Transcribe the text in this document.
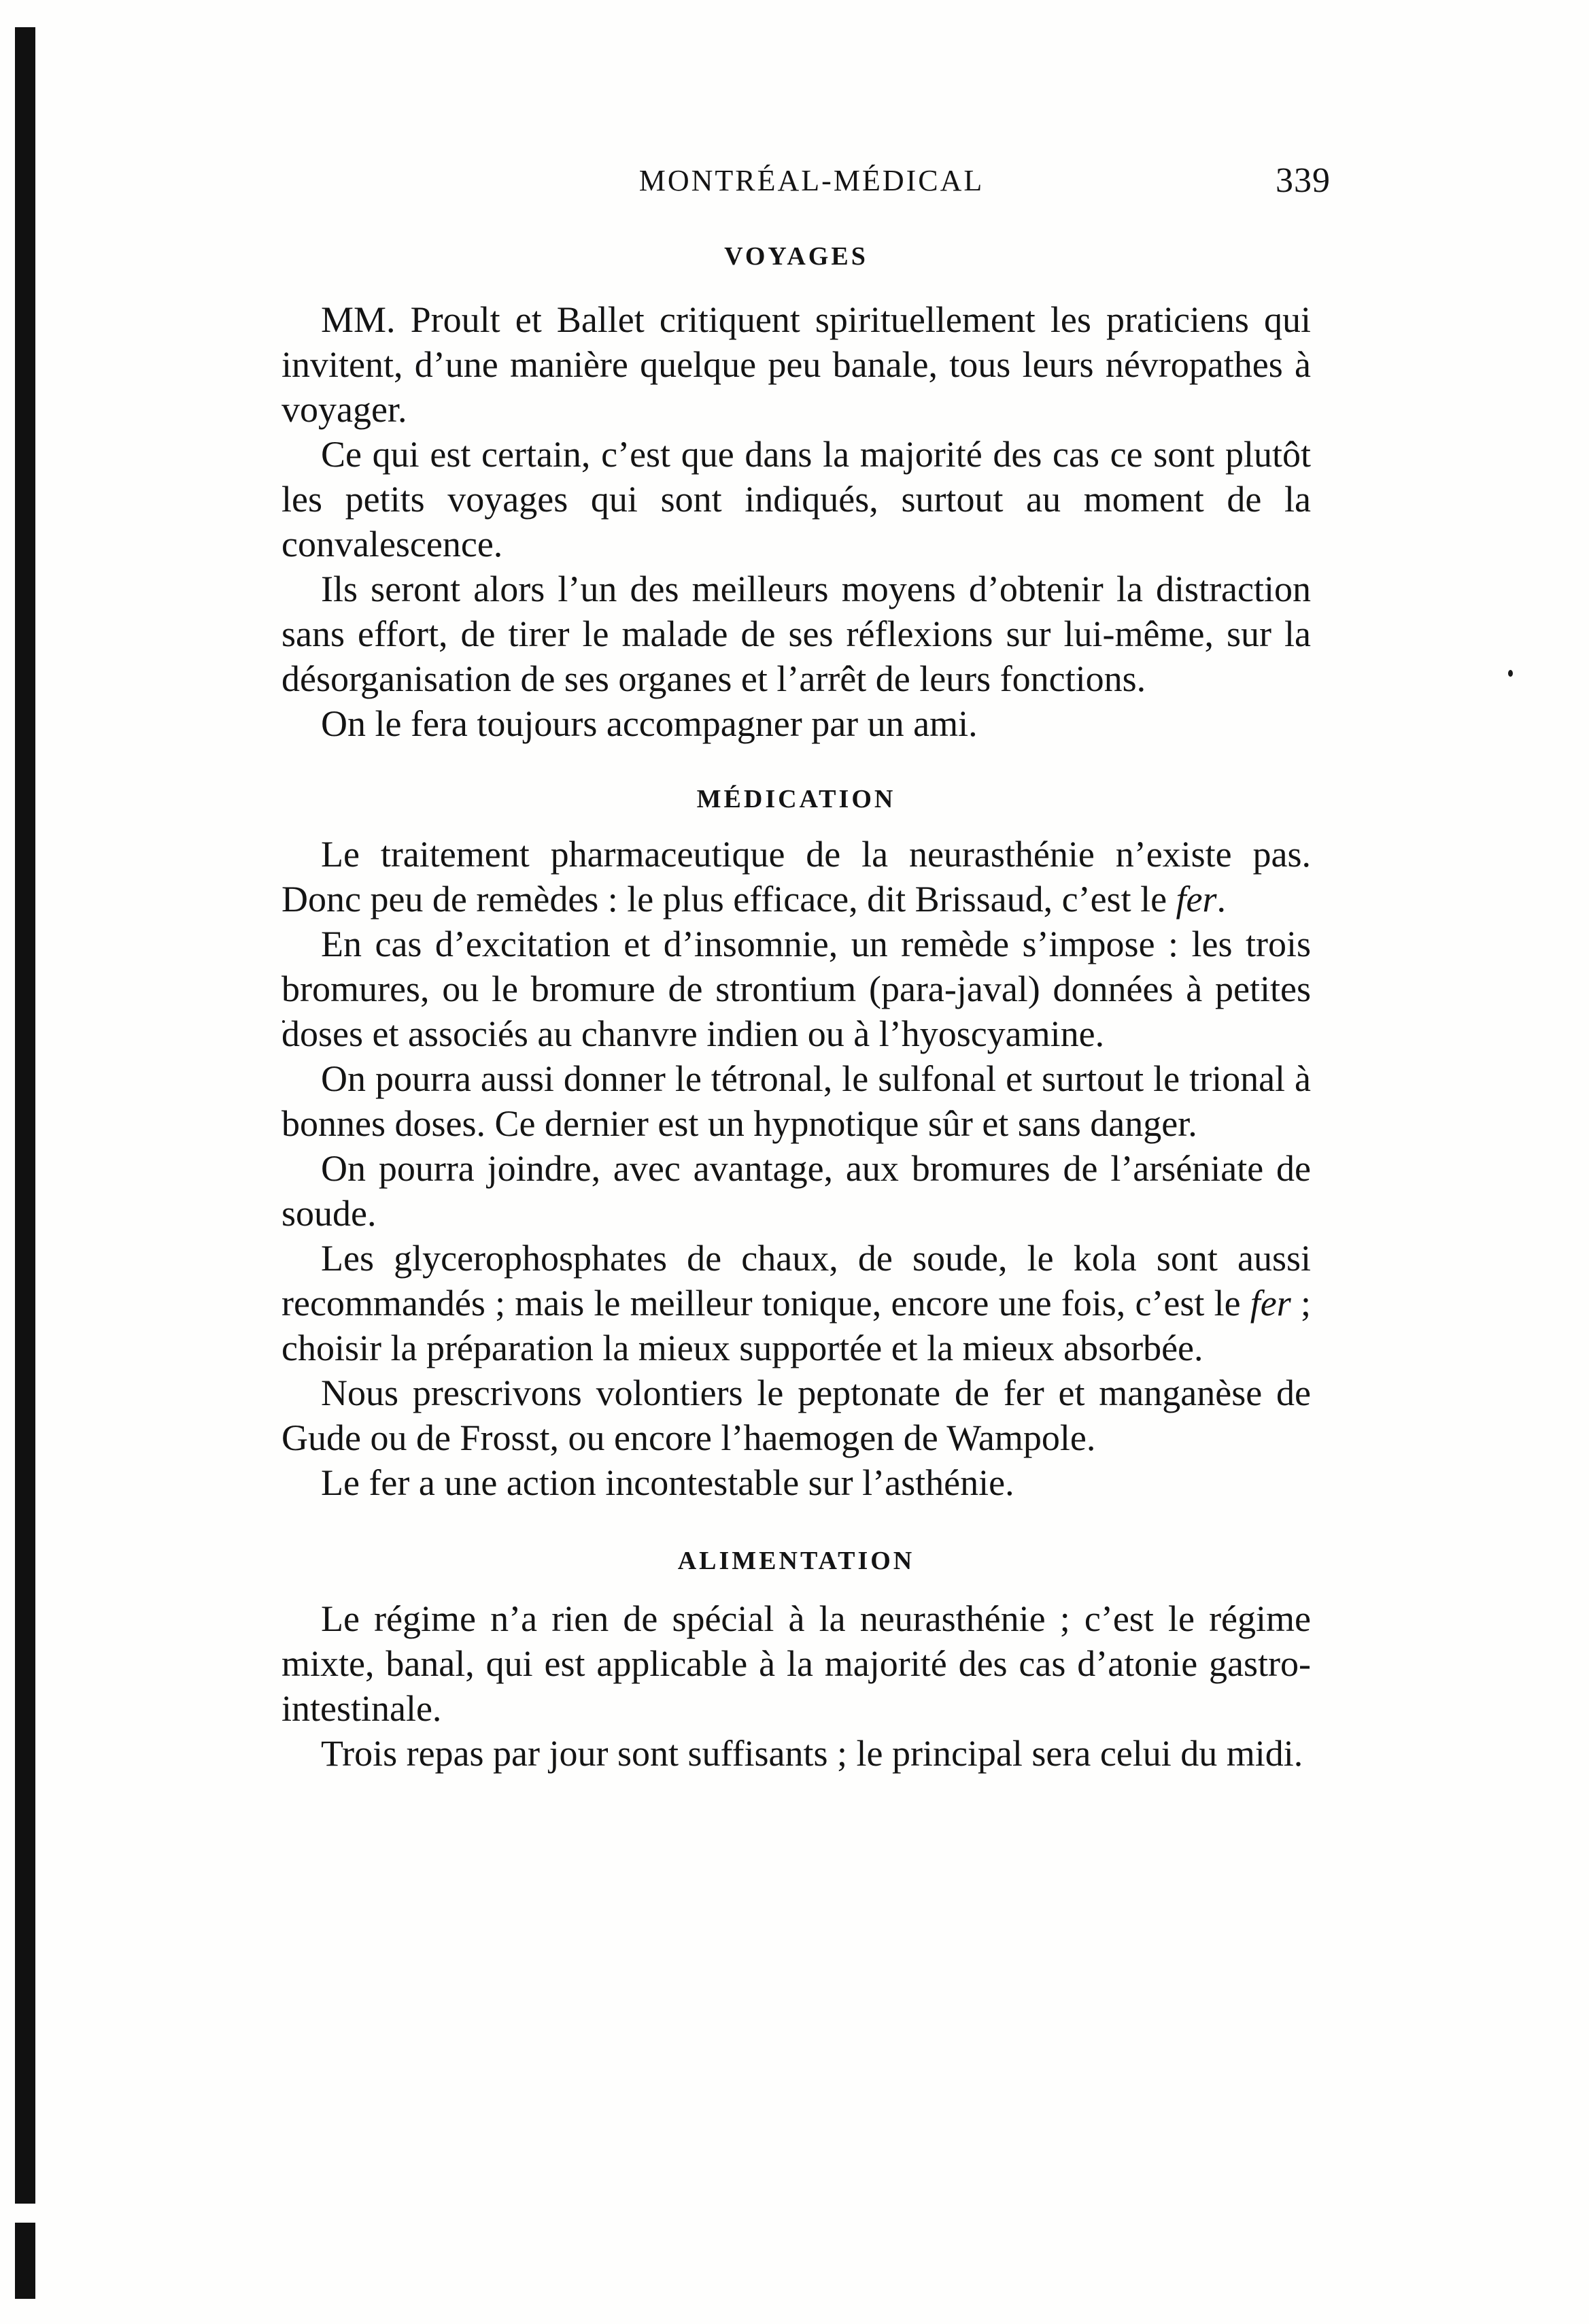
MONTRÉAL-MÉDICAL	339
VOYAGES

MM. Proult et Ballet critiquent spirituellement les praticiens qui invitent, d’une manière quelque peu banale, tous leurs névropathes à voyager.

Ce qui est certain, c’est que dans la majorité des cas ce sont plutôt les petits voyages qui sont indiqués, surtout au moment de la convalescence.

Ils seront alors l’un des meilleurs moyens d’obtenir la distraction sans effort, de tirer le malade de ses réflexions sur lui-même, sur la désorganisation de ses organes et l’arrêt de leurs fonctions.

On le fera toujours accompagner par un ami.

MÉDICATION

Le traitement pharmaceutique de la neurasthénie n’existe pas. Donc peu de remèdes : le plus efficace, dit Brissaud, c’est le fer.

En cas d’excitation et d’insomnie, un remède s’impose : les trois bromures, ou le bromure de strontium (para-javal) données à petites doses et associés au chanvre indien ou à l’hyoscyamine.

On pourra aussi donner le tétronal, le sulfonal et surtout le trional à bonnes doses. Ce dernier est un hypnotique sûr et sans danger.

On pourra joindre, avec avantage, aux bromures de l’arséniate de soude.

Les glycerophosphates de chaux, de soude, le kola sont aussi recommandés ; mais le meilleur tonique, encore une fois, c’est le fer ; choisir la préparation la mieux supportée et la mieux absorbée.

Nous prescrivons volontiers le peptonate de fer et manganèse de Gude ou de Frosst, ou encore l’haemogen de Wampole.

Le fer a une action incontestable sur l’asthénie.

ALIMENTATION

Le régime n’a rien de spécial à la neurasthénie ; c’est le régime mixte, banal, qui est applicable à la majorité des cas d’atonie gastro-intestinale.

Trois repas par jour sont suffisants ; le principal sera celui du midi.
